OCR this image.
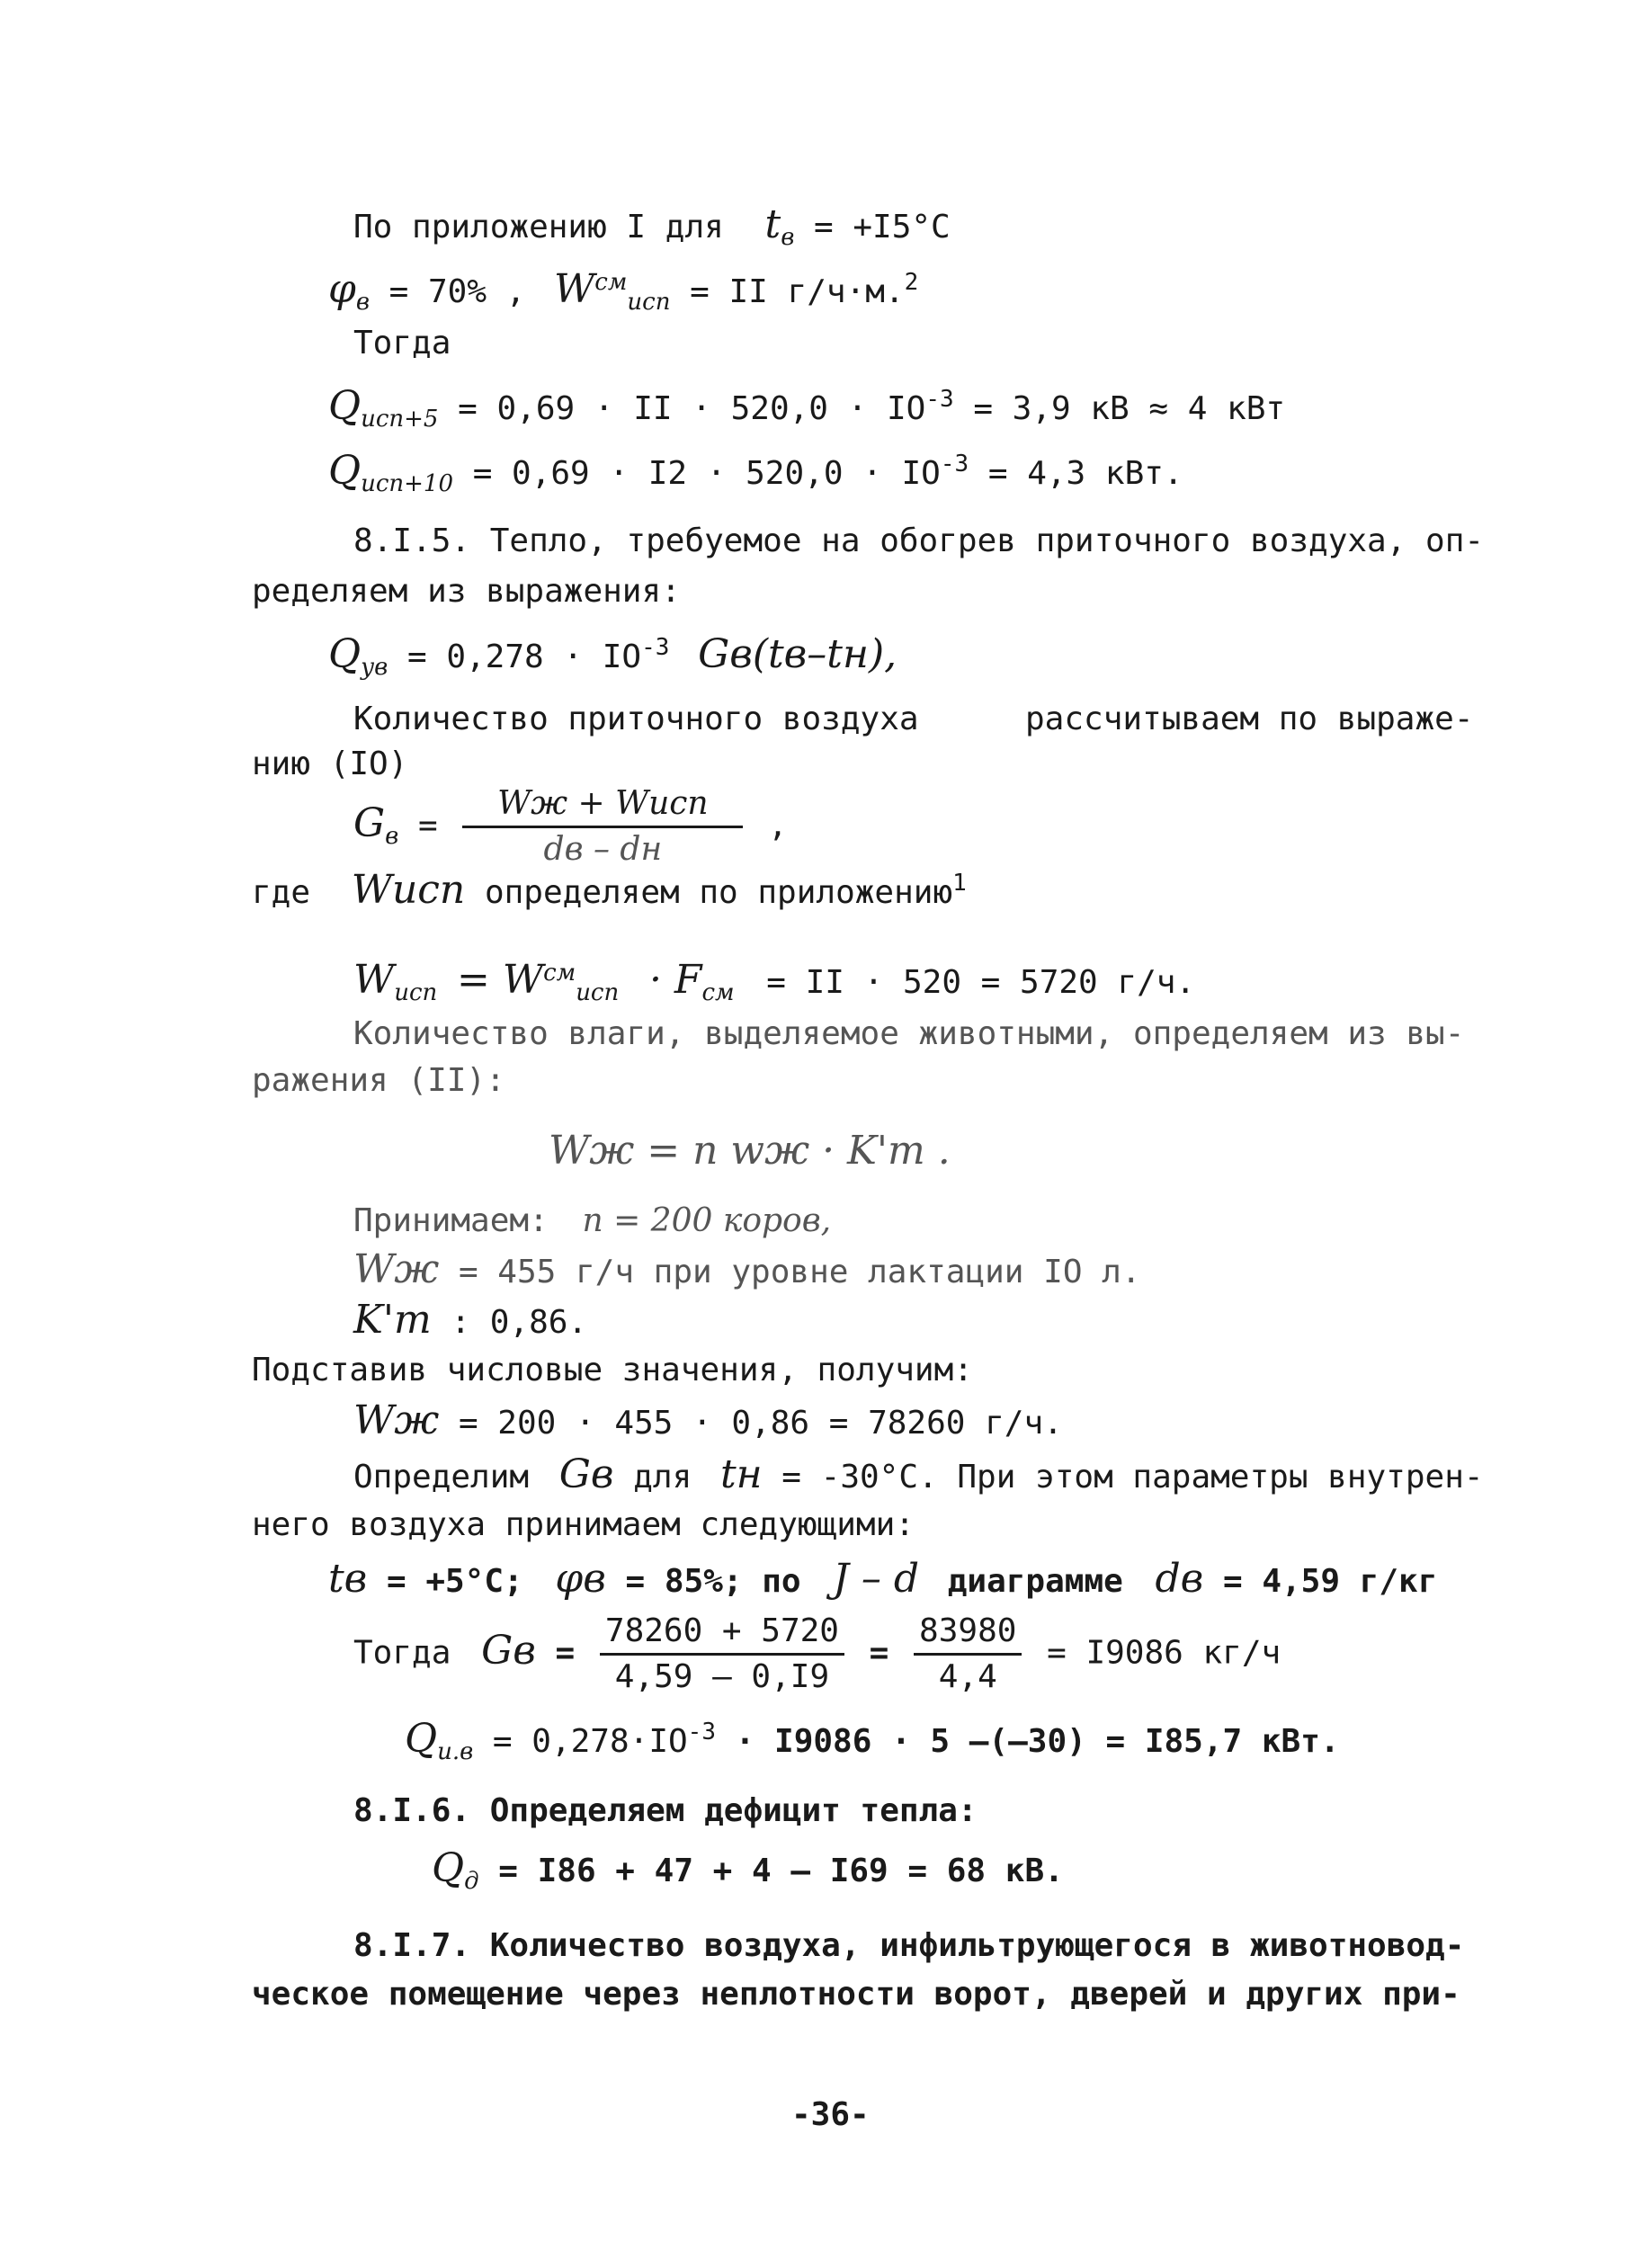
По приложению I для $t_в = +I5^\circ C$
$\varphi_в = 70\%$ , $W^{см}_{исп}$ = II г/ч·м.$^2$
Тогда
$Q_{исп+5} = 0,69$ · II · $520,0 \cdot IO^{-3} = 3,9$ кВ ≈ 4 кВт
$Q_{исп+10} = 0,69 \cdot I2 \cdot 520,0 \cdot IO^{-3} = 4,3$ кВт.
8.I.5. Тепло, требуемое на обогрев приточного воздуха, оп-
ределяем из выражения:
$Q_{ув} = 0,278 \cdot IO^{-3}$ Gв(tв–tн),
Количество приточного воздуха	рассчитываем по выраже-
нию (IO)
$G_в = \frac{\text{Wж + Wисп}}{dв - dн}$ ,
где Wисп определяем по приложению$^1$
$W_{исп} = W^{см}_{исп} \cdot F_{см}$ = II · 520 = 5720 г/ч.
Количество влаги, выделяемое животными, определяем из вы-
ражения (II):
Wж = n wж · K'т .
Принимаем: n = 200 коров,
Wж = 455 г/ч при уровне лактации IO л.
K'т : 0,86.
Подставив числовые значения, получим:
Wж = 200 · 455 · 0,86 = 78260 г/ч.
Определим Gв для tн = -30°C. При этом параметры внутрен-
него воздуха принимаем следующими:
tв = +5°C; φв = 85%; по J – d диаграмме dв = 4,59 г/кг
Тогда Gв = $\frac{78260 + 5720}{4,59 - 0,I9} = \frac{83980}{4,4} = I9086$ кг/ч
$Q_{и.в} = 0,278\cdot IO^{-3} \cdot I9086 \cdot 5$ –(–30) = I85,7 кВт.
8.I.6. Определяем дефицит тепла:
$Q_д = I86 + 47 + 4 - I69 = 68$ кВ.
8.I.7. Количество воздуха, инфильтрующегося в животновод-
ческое помещение через неплотности ворот, дверей и других при-
-36-
